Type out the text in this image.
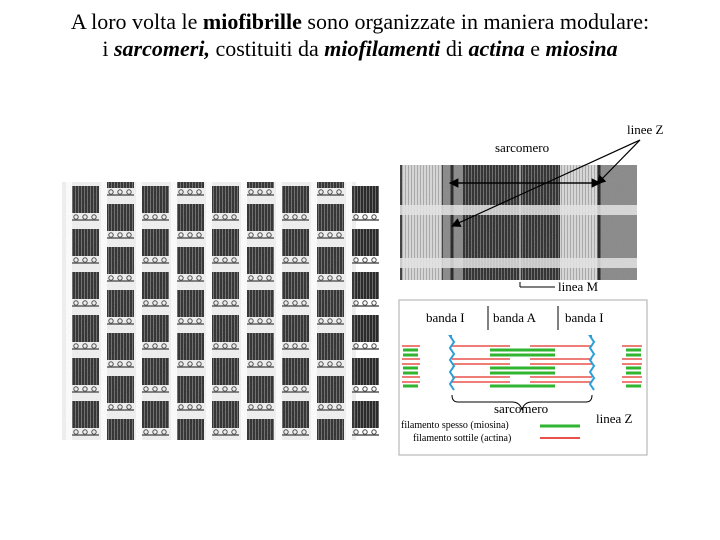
A loro volta le miofibrille sono organizzate in maniera modulare:
i sarcomeri, costituiti da miofilamenti di actina e miosina
linee Z
sarcomero
linea M
banda I banda A banda I
sarcomero
linea Z
filamento spesso (miosina)
filamento sottile (actina)
